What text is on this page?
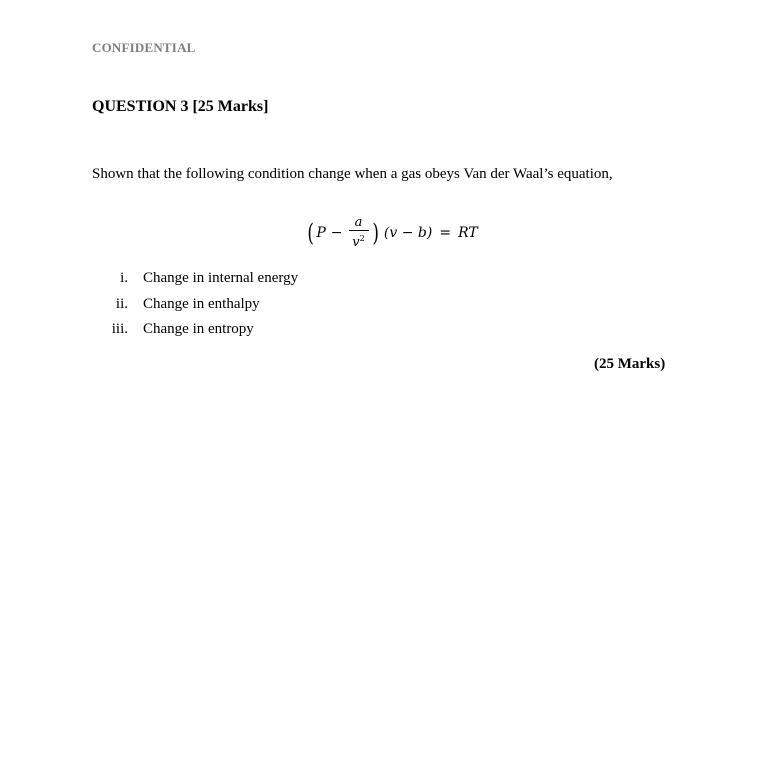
CONFIDENTIAL
QUESTION 3 [25 Marks]
Shown that the following condition change when a gas obeys Van der Waal’s equation,
( $P - \frac{a}{v^2}$ ) (v − b) = RT
i. Change in internal energy
ii. Change in enthalpy
iii. Change in entropy
(25 Marks)
